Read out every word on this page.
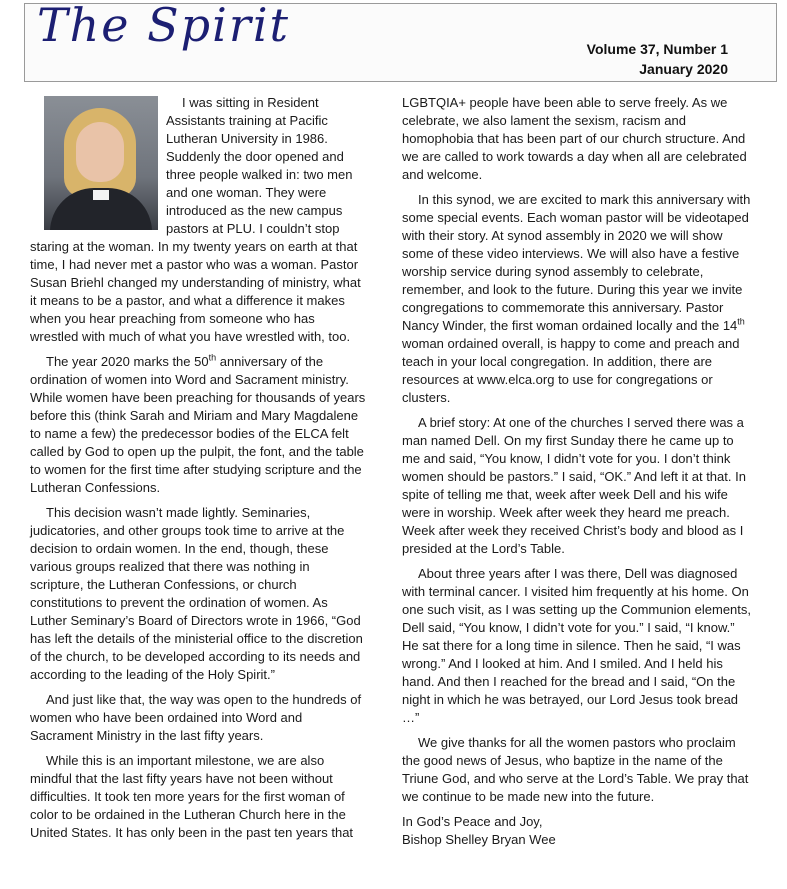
The Spirit	Volume 37, Number 1
January 2020

I was sitting in Resident Assistants training at Pacific Lutheran University in 1986. Suddenly the door opened and three people walked in: two men and one woman. They were introduced as the new campus pastors at PLU. I couldn’t stop staring at the woman. In my twenty years on earth at that time, I had never met a pastor who was a woman. Pastor Susan Briehl changed my understanding of ministry, what it means to be a pastor, and what a difference it makes when you hear preaching from someone who has wrestled with much of what you have wrestled with, too.

The year 2020 marks the 50th anniversary of the ordination of women into Word and Sacrament ministry. While women have been preaching for thousands of years before this (think Sarah and Miriam and Mary Magdalene to name a few) the predecessor bodies of the ELCA felt called by God to open up the pulpit, the font, and the table to women for the first time after studying scripture and the Lutheran Confessions.

This decision wasn’t made lightly. Seminaries, judicatories, and other groups took time to arrive at the decision to ordain women. In the end, though, these various groups realized that there was nothing in scripture, the Lutheran Confessions, or church constitutions to prevent the ordination of women. As Luther Seminary’s Board of Directors wrote in 1966, “God has left the details of the ministerial office to the discretion of the church, to be developed according to its needs and according to the leading of the Holy Spirit.”

And just like that, the way was open to the hundreds of women who have been ordained into Word and Sacrament Ministry in the last fifty years.

While this is an important milestone, we are also mindful that the last fifty years have not been without difficulties. It took ten more years for the first woman of color to be ordained in the Lutheran Church here in the United States. It has only been in the past ten years that

LGBTQIA+ people have been able to serve freely. As we celebrate, we also lament the sexism, racism and homophobia that has been part of our church structure. And we are called to work towards a day when all are celebrated and welcome.

In this synod, we are excited to mark this anniversary with some special events. Each woman pastor will be videotaped with their story. At synod assembly in 2020 we will show some of these video interviews. We will also have a festive worship service during synod assembly to celebrate, remember, and look to the future. During this year we invite congregations to commemorate this anniversary. Pastor Nancy Winder, the first woman ordained locally and the 14th woman ordained overall, is happy to come and preach and teach in your local congregation. In addition, there are resources at www.elca.org to use for congregations or clusters.

A brief story: At one of the churches I served there was a man named Dell. On my first Sunday there he came up to me and said, “You know, I didn’t vote for you. I don’t think women should be pastors.” I said, “OK.” And left it at that. In spite of telling me that, week after week Dell and his wife were in worship. Week after week they heard me preach. Week after week they received Christ’s body and blood as I presided at the Lord’s Table.

About three years after I was there, Dell was diagnosed with terminal cancer. I visited him frequently at his home. On one such visit, as I was setting up the Communion elements, Dell said, “You know, I didn’t vote for you.” I said, “I know.” He sat there for a long time in silence. Then he said, “I was wrong.” And I looked at him. And I smiled. And I held his hand. And then I reached for the bread and I said, “On the night in which he was betrayed, our Lord Jesus took bread …”

We give thanks for all the women pastors who proclaim the good news of Jesus, who baptize in the name of the Triune God, and who serve at the Lord’s Table. We pray that we continue to be made new into the future.

In God’s Peace and Joy,

Bishop Shelley Bryan Wee
